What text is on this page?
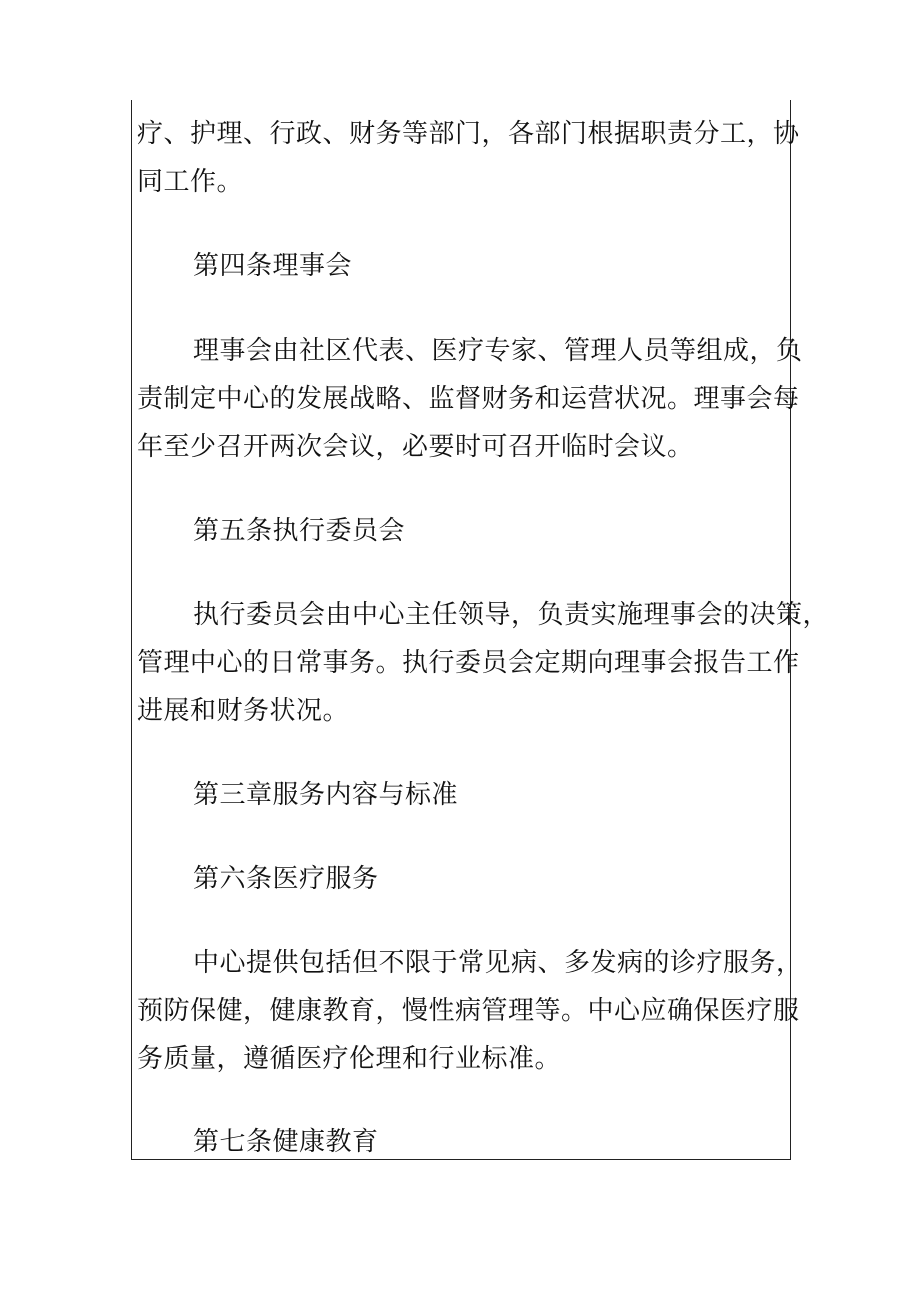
疗、护理、行政、财务等部门，各部门根据职责分工，协
同工作。
第四条理事会
理事会由社区代表、医疗专家、管理人员等组成，负
责制定中心的发展战略、监督财务和运营状况。理事会每
年至少召开两次会议，必要时可召开临时会议。
第五条执行委员会
执行委员会由中心主任领导，负责实施理事会的决策，
管理中心的日常事务。执行委员会定期向理事会报告工作
进展和财务状况。
第三章服务内容与标准
第六条医疗服务
中心提供包括但不限于常见病、多发病的诊疗服务，
预防保健，健康教育，慢性病管理等。中心应确保医疗服
务质量，遵循医疗伦理和行业标准。
第七条健康教育
